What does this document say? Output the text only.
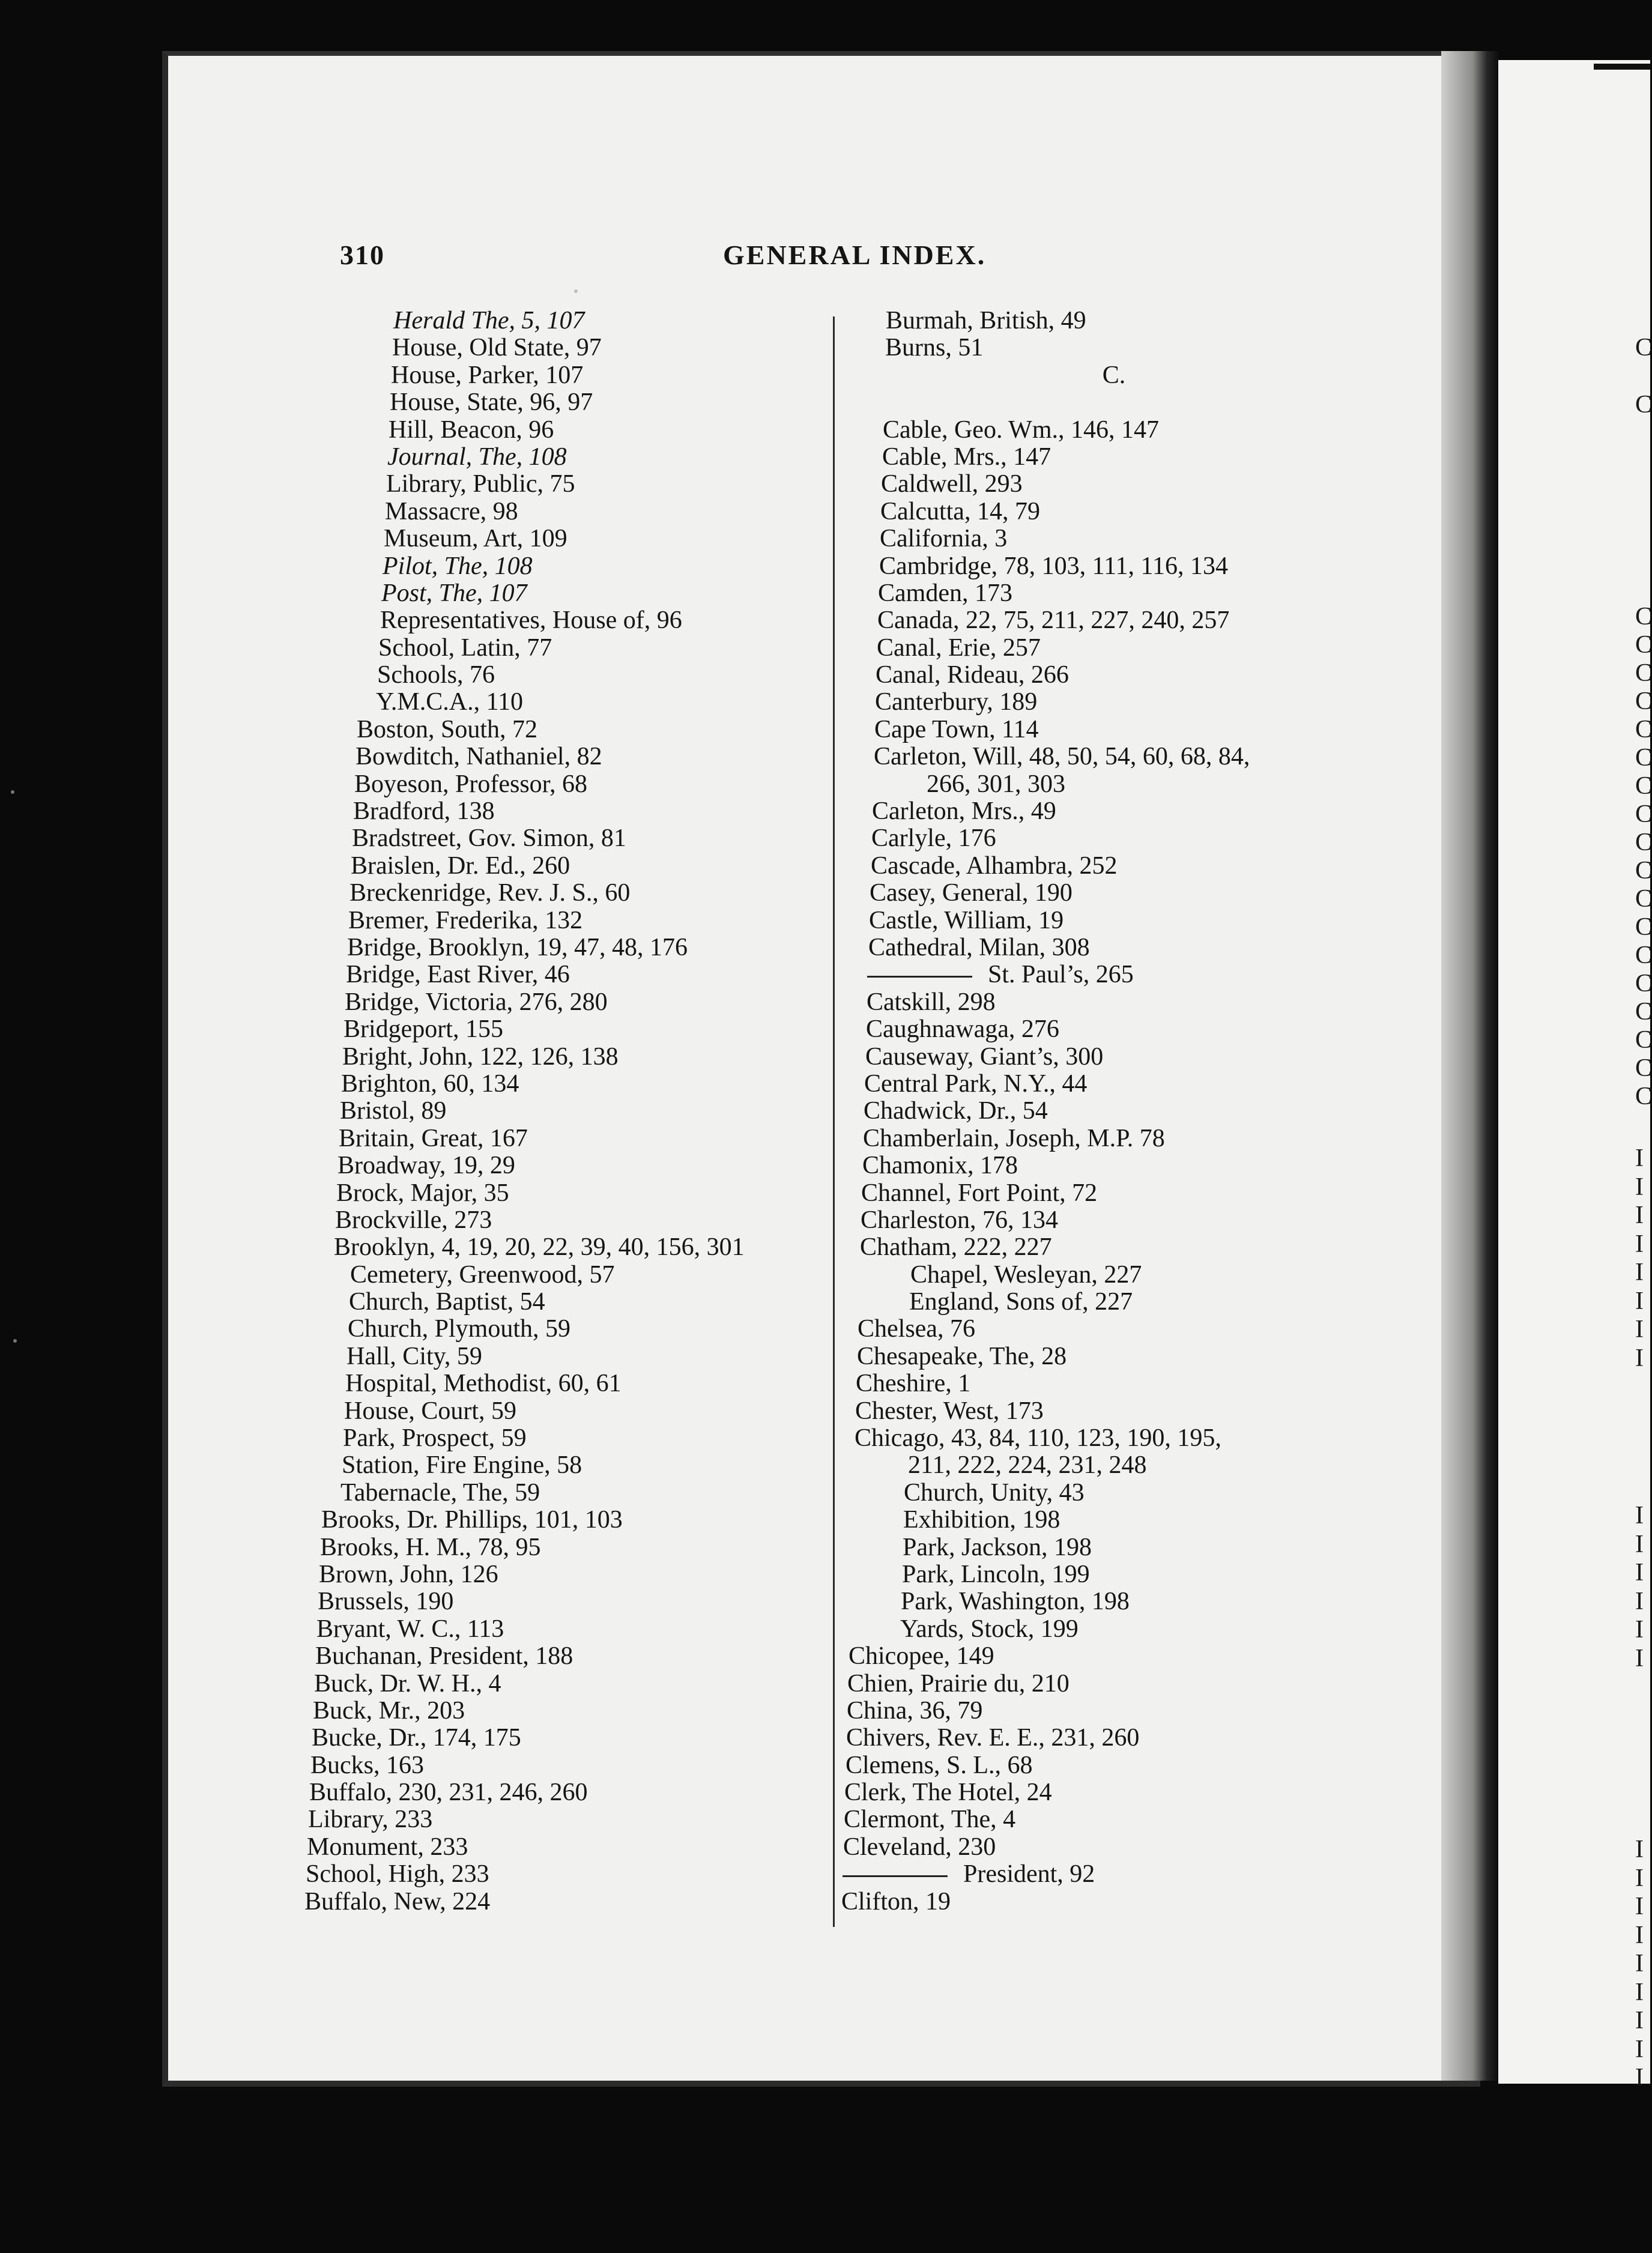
C
C
C
C
C
C
C
C
C
C
C
C
C
C
C
C
C
C
C
C
I
I
I
I
I
I
I
I
I
I
I
I
I
I
I
I
I
I
I
I
I
I
I
310	GENERAL INDEX.
Herald The, 5, 107
House, Old State, 97
House, Parker, 107
House, State, 96, 97
Hill, Beacon, 96
Journal, The, 108
Library, Public, 75
Massacre, 98
Museum, Art, 109
Pilot, The, 108
Post, The, 107
Representatives, House of, 96
School, Latin, 77
Schools, 76
Y.M.C.A., 110
Boston, South, 72
Bowditch, Nathaniel, 82
Boyeson, Professor, 68
Bradford, 138
Bradstreet, Gov. Simon, 81
Braislen, Dr. Ed., 260
Breckenridge, Rev. J. S., 60
Bremer, Frederika, 132
Bridge, Brooklyn, 19, 47, 48, 176
Bridge, East River, 46
Bridge, Victoria, 276, 280
Bridgeport, 155
Bright, John, 122, 126, 138
Brighton, 60, 134
Bristol, 89
Britain, Great, 167
Broadway, 19, 29
Brock, Major, 35
Brockville, 273
Brooklyn, 4, 19, 20, 22, 39, 40, 156, 301
Cemetery, Greenwood, 57
Church, Baptist, 54
Church, Plymouth, 59
Hall, City, 59
Hospital, Methodist, 60, 61
House, Court, 59
Park, Prospect, 59
Station, Fire Engine, 58
Tabernacle, The, 59
Brooks, Dr. Phillips, 101, 103
Brooks, H. M., 78, 95
Brown, John, 126
Brussels, 190
Bryant, W. C., 113
Buchanan, President, 188
Buck, Dr. W. H., 4
Buck, Mr., 203
Bucke, Dr., 174, 175
Bucks, 163
Buffalo, 230, 231, 246, 260
Library, 233
Monument, 233
School, High, 233
Buffalo, New, 224
Burmah, British, 49
Burns, 51
C.
Cable, Geo. Wm., 146, 147
Cable, Mrs., 147
Caldwell, 293
Calcutta, 14, 79
California, 3
Cambridge, 78, 103, 111, 116, 134
Camden, 173
Canada, 22, 75, 211, 227, 240, 257
Canal, Erie, 257
Canal, Rideau, 266
Canterbury, 189
Cape Town, 114
Carleton, Will, 48, 50, 54, 60, 68, 84,
266, 301, 303
Carleton, Mrs., 49
Carlyle, 176
Cascade, Alhambra, 252
Casey, General, 190
Castle, William, 19
Cathedral, Milan, 308
St. Paul’s, 265
Catskill, 298
Caughnawaga, 276
Causeway, Giant’s, 300
Central Park, N.Y., 44
Chadwick, Dr., 54
Chamberlain, Joseph, M.P. 78
Chamonix, 178
Channel, Fort Point, 72
Charleston, 76, 134
Chatham, 222, 227
Chapel, Wesleyan, 227
England, Sons of, 227
Chelsea, 76
Chesapeake, The, 28
Cheshire, 1
Chester, West, 173
Chicago, 43, 84, 110, 123, 190, 195,
211, 222, 224, 231, 248
Church, Unity, 43
Exhibition, 198
Park, Jackson, 198
Park, Lincoln, 199
Park, Washington, 198
Yards, Stock, 199
Chicopee, 149
Chien, Prairie du, 210
China, 36, 79
Chivers, Rev. E. E., 231, 260
Clemens, S. L., 68
Clerk, The Hotel, 24
Clermont, The, 4
Cleveland, 230
President, 92
Clifton, 19
